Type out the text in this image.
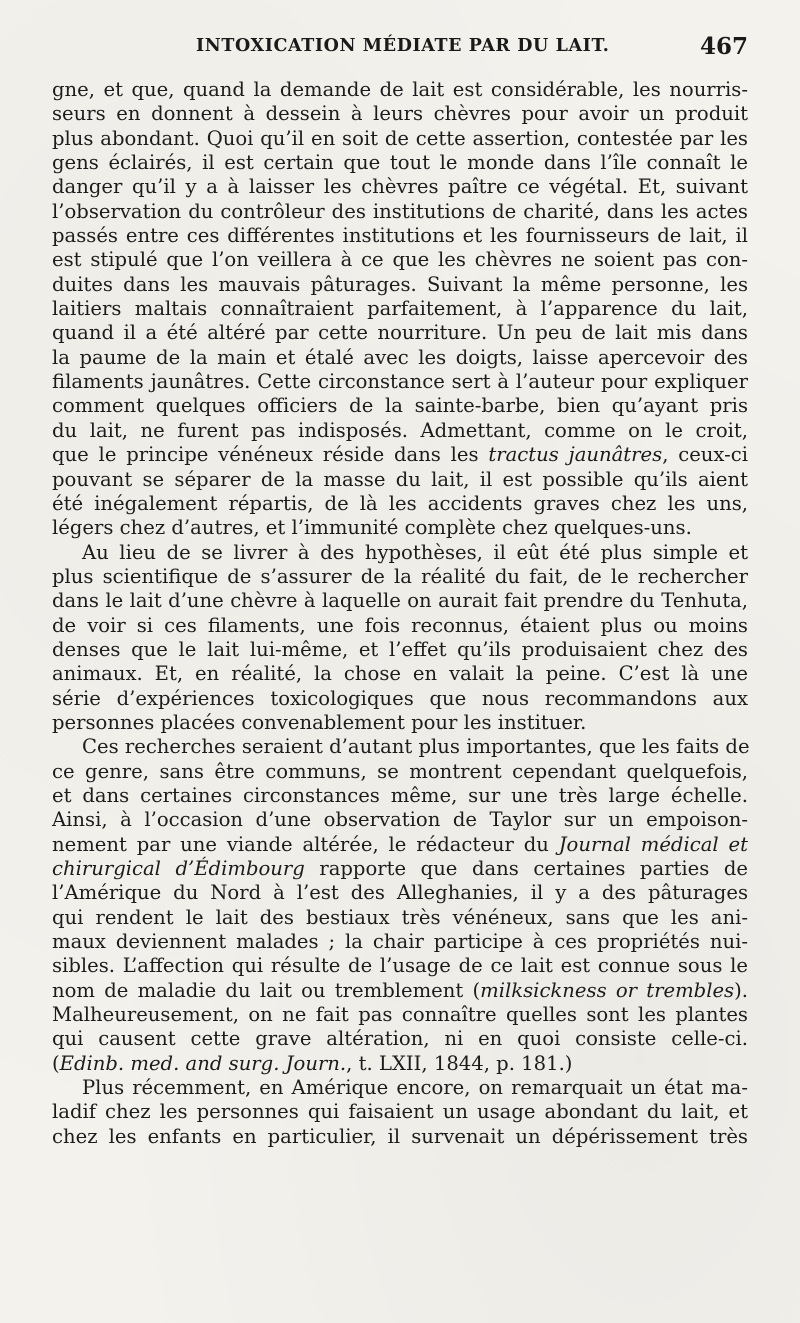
INTOXICATION MÉDIATE PAR DU LAIT.	467
gne, et que, quand la demande de lait est considérable, les nourris-
seurs en donnent à dessein à leurs chèvres pour avoir un produit
plus abondant. Quoi qu’il en soit de cette assertion, contestée par les
gens éclairés, il est certain que tout le monde dans l’île connaît le
danger qu’il y a à laisser les chèvres paître ce végétal. Et, suivant
l’observation du contrôleur des institutions de charité, dans les actes
passés entre ces différentes institutions et les fournisseurs de lait, il
est stipulé que l’on veillera à ce que les chèvres ne soient pas con-
duites dans les mauvais pâturages. Suivant la même personne, les
laitiers maltais connaîtraient parfaitement, à l’apparence du lait,
quand il a été altéré par cette nourriture. Un peu de lait mis dans
la paume de la main et étalé avec les doigts, laisse apercevoir des
filaments jaunâtres. Cette circonstance sert à l’auteur pour expliquer
comment quelques officiers de la sainte-barbe, bien qu’ayant pris
du lait, ne furent pas indisposés. Admettant, comme on le croit,
que le principe vénéneux réside dans les tractus jaunâtres, ceux-ci
pouvant se séparer de la masse du lait, il est possible qu’ils aient
été inégalement répartis, de là les accidents graves chez les uns,
légers chez d’autres, et l’immunité complète chez quelques-uns.
Au lieu de se livrer à des hypothèses, il eût été plus simple et
plus scientifique de s’assurer de la réalité du fait, de le rechercher
dans le lait d’une chèvre à laquelle on aurait fait prendre du Tenhuta,
de voir si ces filaments, une fois reconnus, étaient plus ou moins
denses que le lait lui-même, et l’effet qu’ils produisaient chez des
animaux. Et, en réalité, la chose en valait la peine. C’est là une
série d’expériences toxicologiques que nous recommandons aux
personnes placées convenablement pour les instituer.
Ces recherches seraient d’autant plus importantes, que les faits de
ce genre, sans être communs, se montrent cependant quelquefois,
et dans certaines circonstances même, sur une très large échelle.
Ainsi, à l’occasion d’une observation de Taylor sur un empoison-
nement par une viande altérée, le rédacteur du Journal médical et
chirurgical d’Édimbourg rapporte que dans certaines parties de
l’Amérique du Nord à l’est des Alleghanies, il y a des pâturages
qui rendent le lait des bestiaux très vénéneux, sans que les ani-
maux deviennent malades ; la chair participe à ces propriétés nui-
sibles. L’affection qui résulte de l’usage de ce lait est connue sous le
nom de maladie du lait ou tremblement (milksickness or trembles).
Malheureusement, on ne fait pas connaître quelles sont les plantes
qui causent cette grave altération, ni en quoi consiste celle-ci.
(Edinb. med. and surg. Journ., t. LXII, 1844, p. 181.)
Plus récemment, en Amérique encore, on remarquait un état ma-
ladif chez les personnes qui faisaient un usage abondant du lait, et
chez les enfants en particulier, il survenait un dépérissement très
